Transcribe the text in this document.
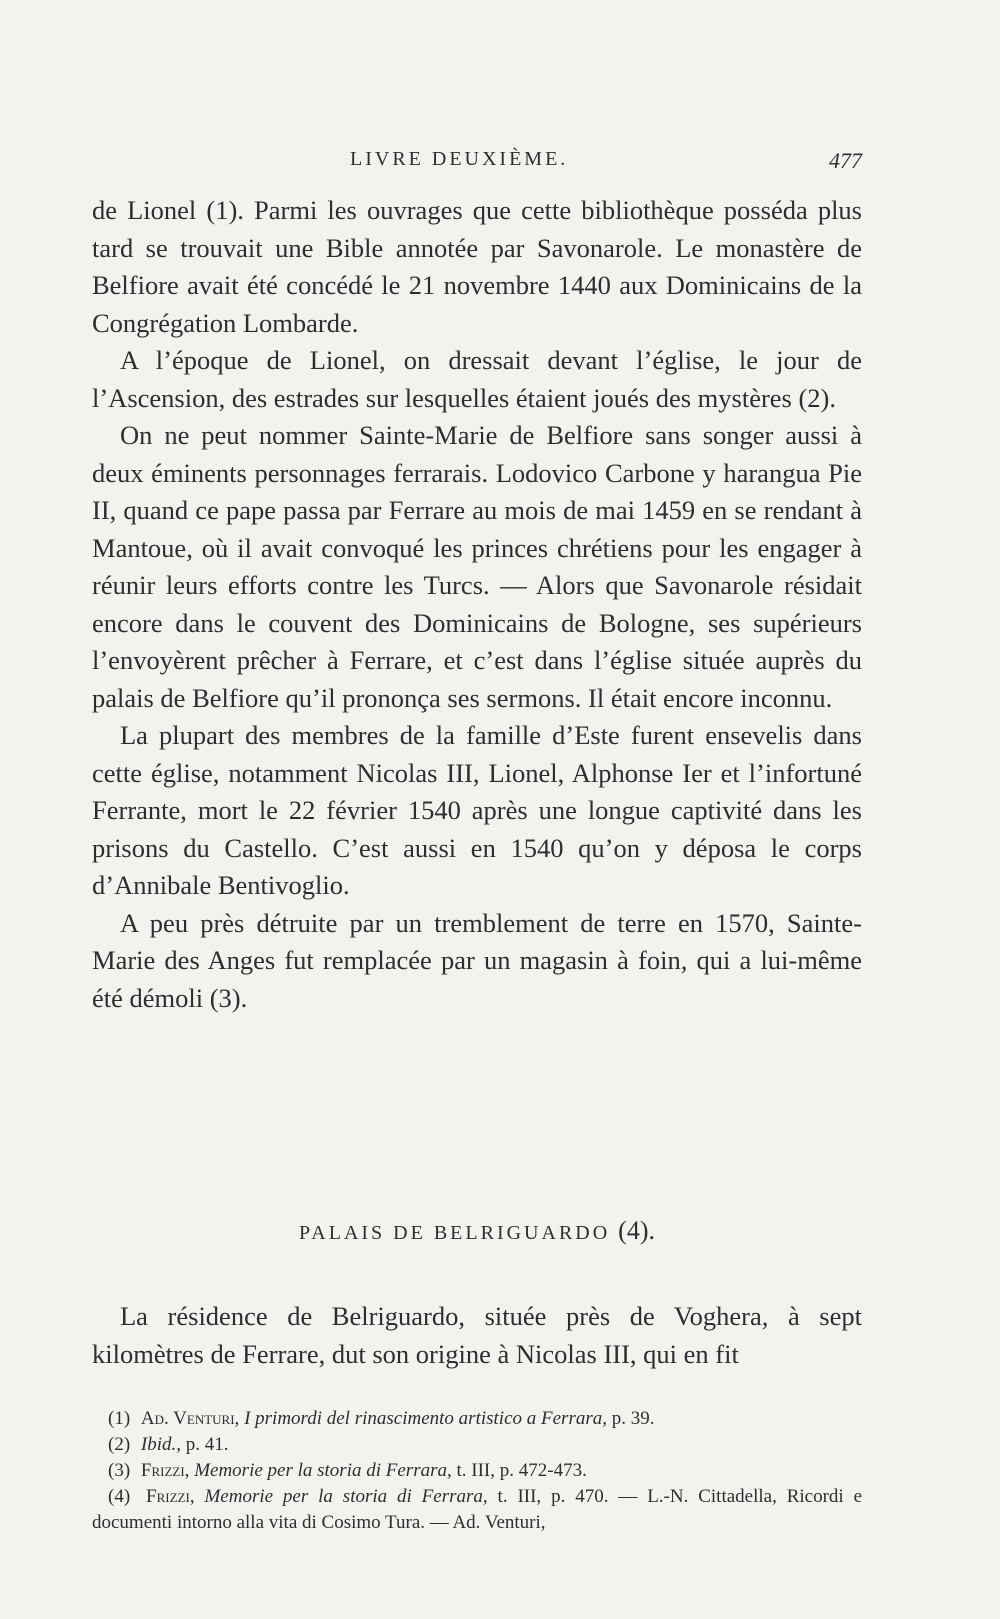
LIVRE DEUXIÈME.	477

de Lionel (1). Parmi les ouvrages que cette bibliothèque posséda plus tard se trouvait une Bible annotée par Savonarole. Le monastère de Belfiore avait été concédé le 21 novembre 1440 aux Dominicains de la Congrégation Lombarde.

A l’époque de Lionel, on dressait devant l’église, le jour de l’Ascension, des estrades sur lesquelles étaient joués des mystères (2).

On ne peut nommer Sainte-Marie de Belfiore sans songer aussi à deux éminents personnages ferrarais. Lodovico Carbone y harangua Pie II, quand ce pape passa par Ferrare au mois de mai 1459 en se rendant à Mantoue, où il avait convoqué les princes chrétiens pour les engager à réunir leurs efforts contre les Turcs. — Alors que Savonarole résidait encore dans le couvent des Dominicains de Bologne, ses supérieurs l’envoyèrent prêcher à Ferrare, et c’est dans l’église située auprès du palais de Belfiore qu’il prononça ses sermons. Il était encore inconnu.

La plupart des membres de la famille d’Este furent ensevelis dans cette église, notamment Nicolas III, Lionel, Alphonse Ier et l’infortuné Ferrante, mort le 22 février 1540 après une longue captivité dans les prisons du Castello. C’est aussi en 1540 qu’on y déposa le corps d’Annibale Bentivoglio.

A peu près détruite par un tremblement de terre en 1570, Sainte-Marie des Anges fut remplacée par un magasin à foin, qui a lui-même été démoli (3).

PALAIS DE BELRIGUARDO (4).

La résidence de Belriguardo, située près de Voghera, à sept kilomètres de Ferrare, dut son origine à Nicolas III, qui en fit

(1) Ad. Venturi, I primordi del rinascimento artistico a Ferrara, p. 39.

(2) Ibid., p. 41.

(3) Frizzi, Memorie per la storia di Ferrara, t. III, p. 472-473.

(4) Frizzi, Memorie per la storia di Ferrara, t. III, p. 470. — L.-N. Cittadella, Ricordi e documenti intorno alla vita di Cosimo Tura. — Ad. Venturi,
